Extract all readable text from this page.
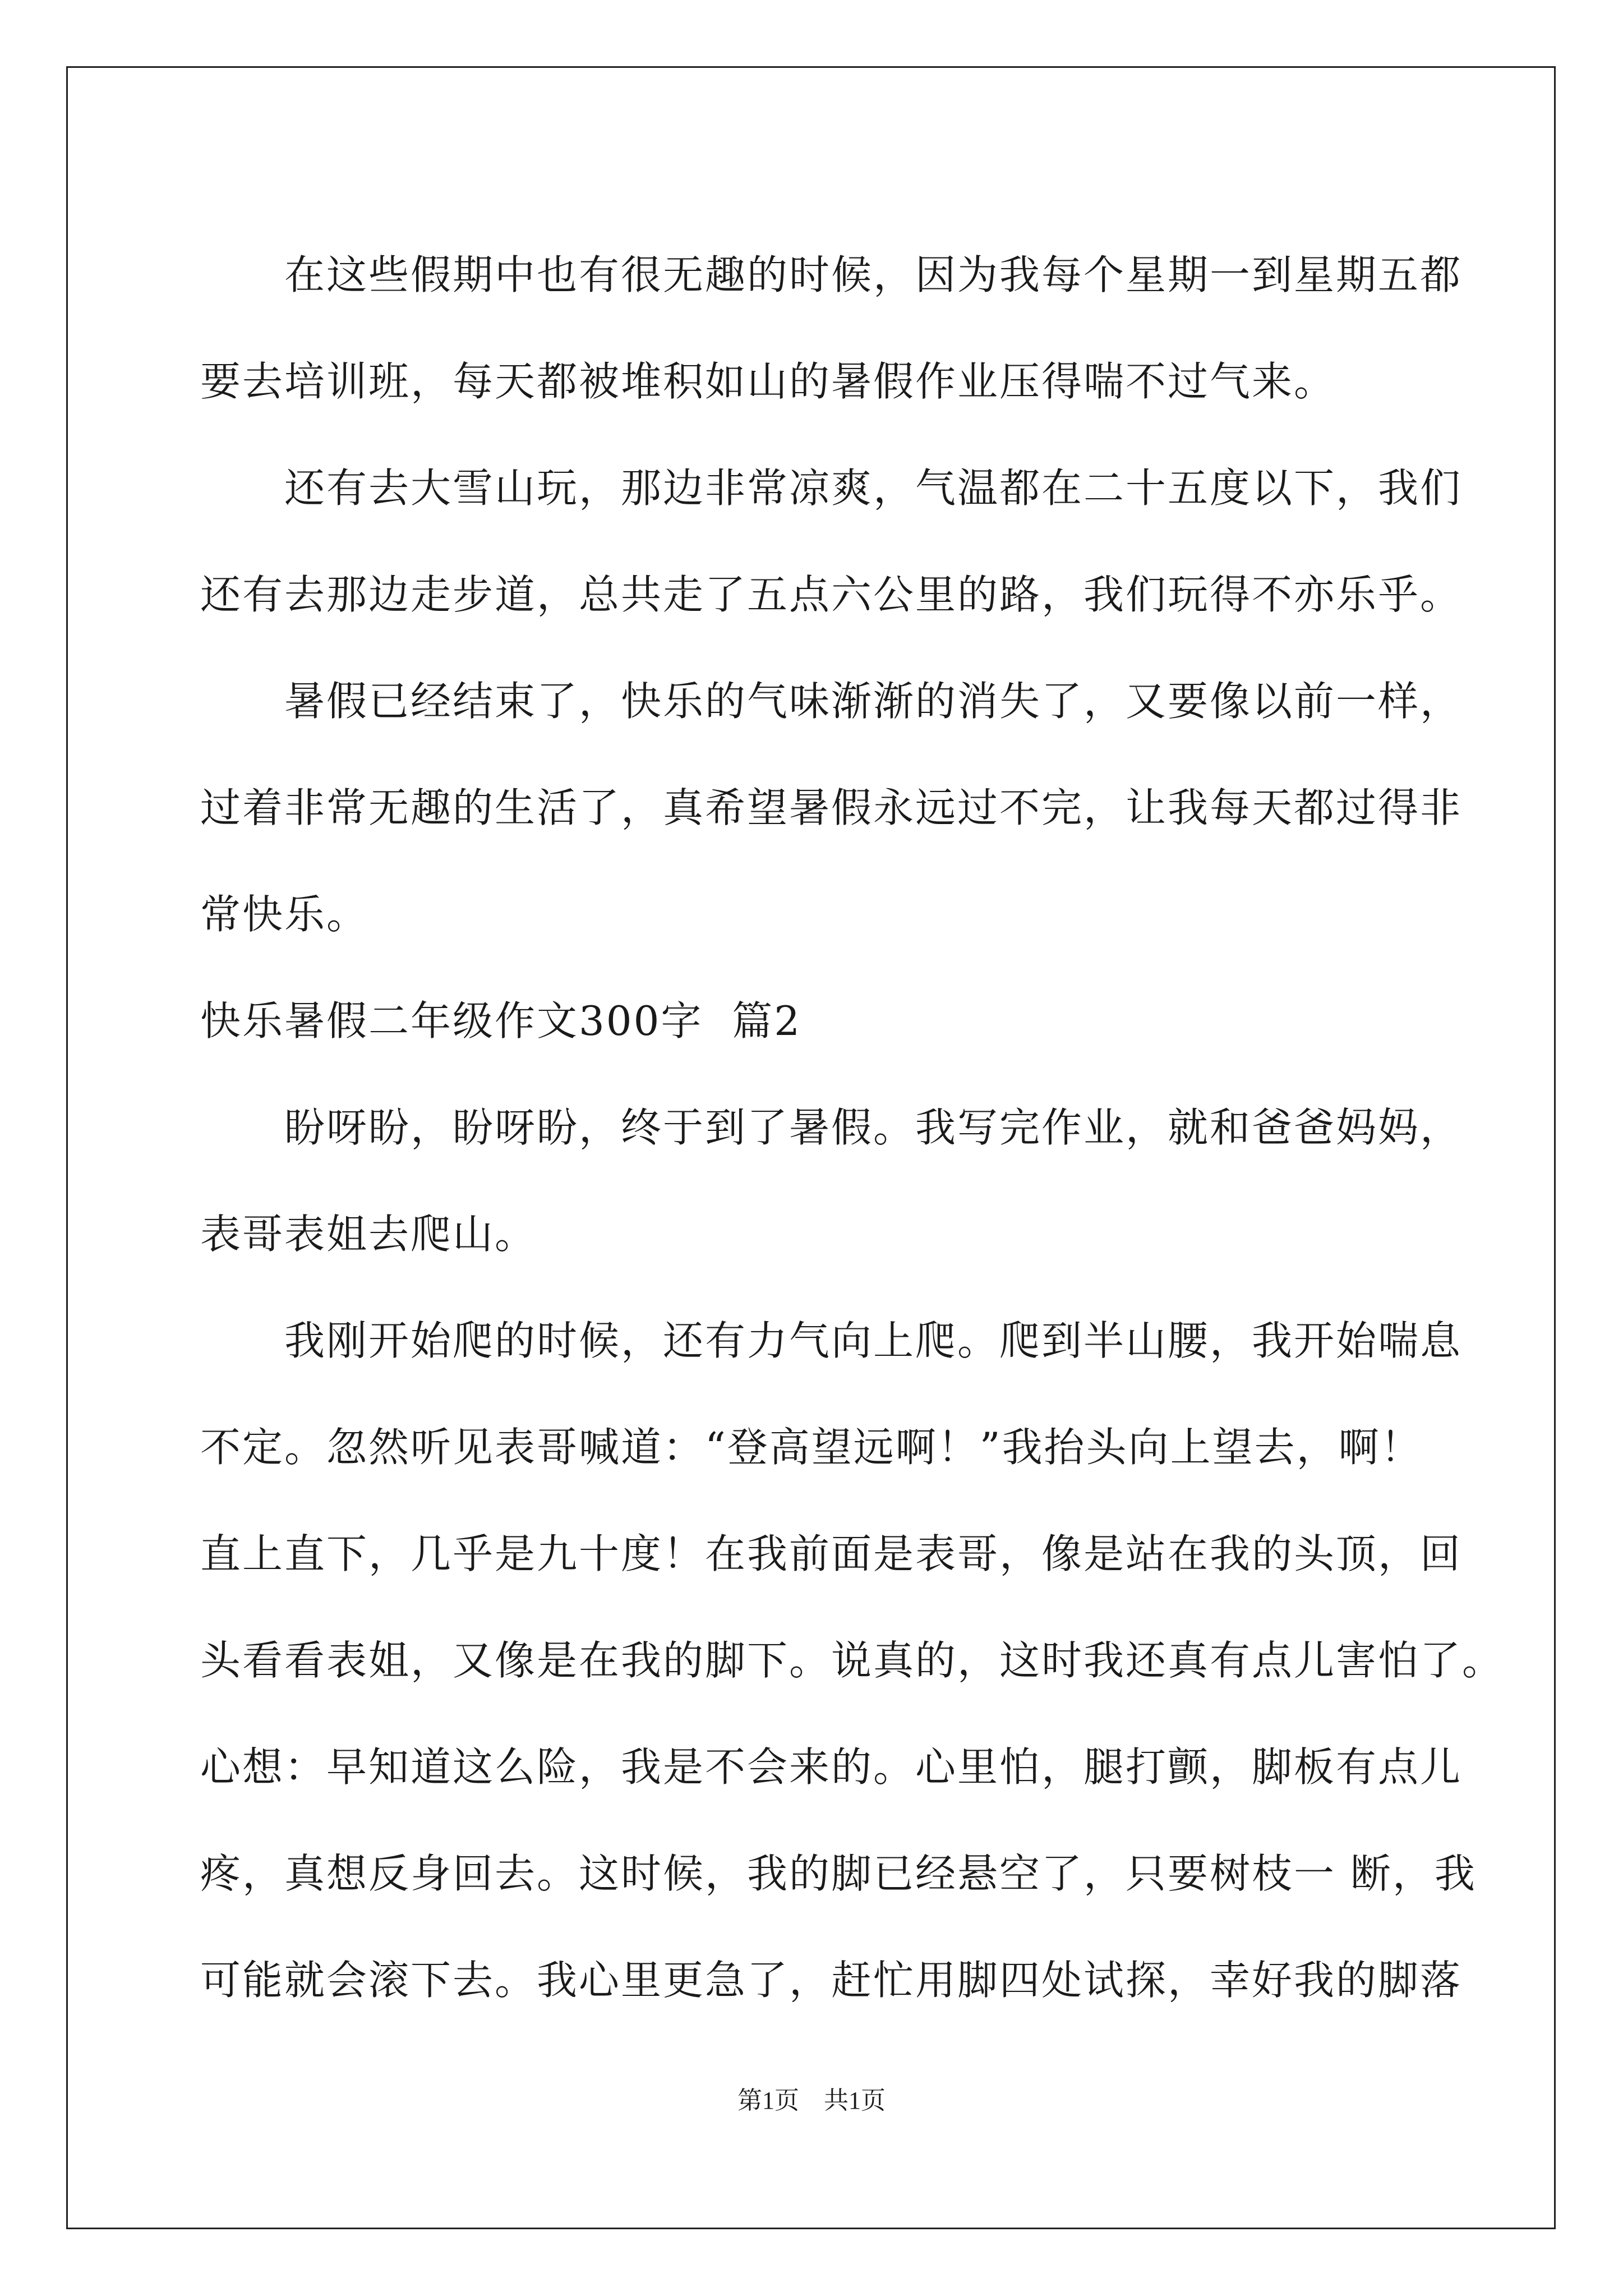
在这些假期中也有很无趣的时候，因为我每个星期一到星期五都
要去培训班，每天都被堆积如山的暑假作业压得喘不过气来。
还有去大雪山玩，那边非常凉爽，气温都在二十五度以下，我们
还有去那边走步道，总共走了五点六公里的路，我们玩得不亦乐乎。
暑假已经结束了，快乐的气味渐渐的消失了，又要像以前一样，
过着非常无趣的生活了，真希望暑假永远过不完，让我每天都过得非
常快乐。
快乐暑假二年级作文300字  篇2
盼呀盼，盼呀盼，终于到了暑假。我写完作业，就和爸爸妈妈，
表哥表姐去爬山。
我刚开始爬的时候，还有力气向上爬。爬到半山腰，我开始喘息
不定。忽然听见表哥喊道：“登高望远啊！”我抬头向上望去，啊！
直上直下，几乎是九十度！在我前面是表哥，像是站在我的头顶，回
头看看表姐，又像是在我的脚下。说真的，这时我还真有点儿害怕了。
心想：早知道这么险，我是不会来的。心里怕，腿打颤，脚板有点儿
疼，真想反身回去。这时候，我的脚已经悬空了，只要树枝一 断，我
可能就会滚下去。我心里更急了，赶忙用脚四处试探，幸好我的脚落
第1页 共1页
